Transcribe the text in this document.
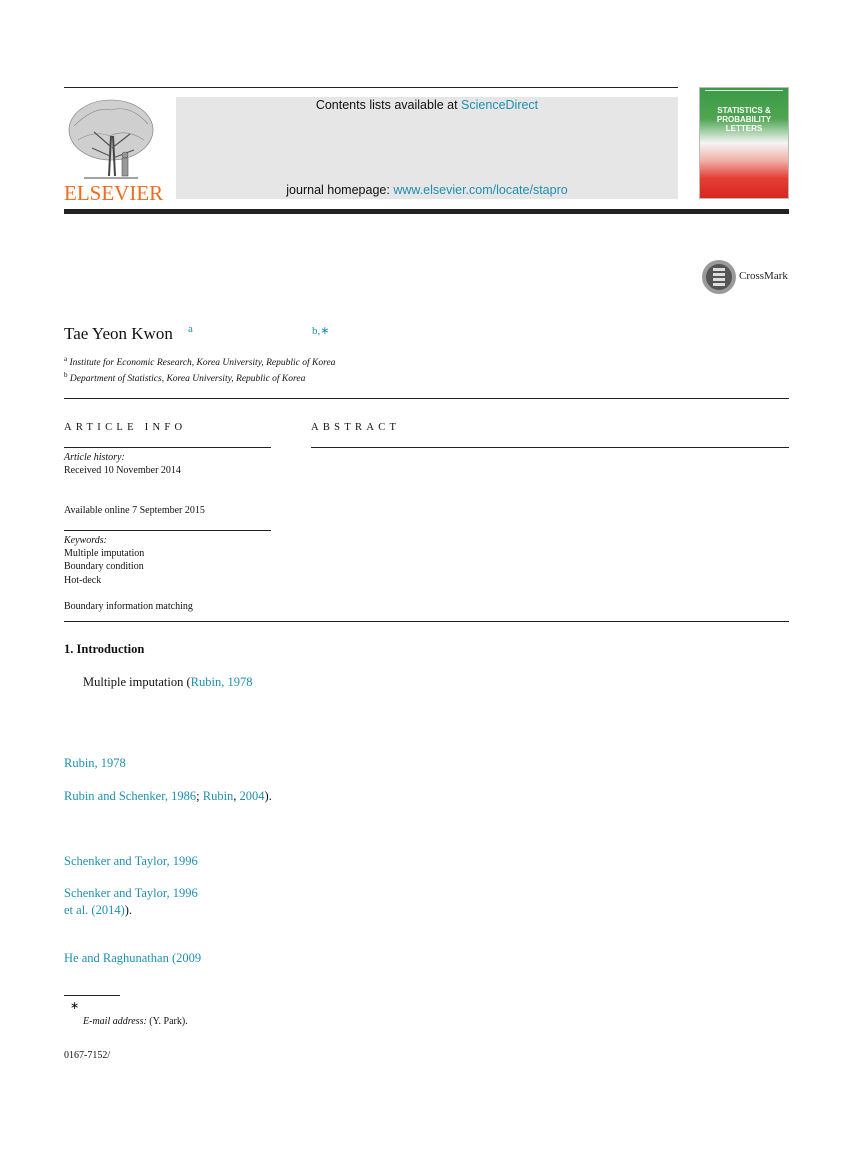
ELSEVIER
Contents lists available at ScienceDirect
journal homepage: www.elsevier.com/locate/stapro
STATISTICS & PROBABILITY LETTERS
CrossMark
Tae Yeon Kwon a	b,∗
$^a$ Institute for Economic Research, Korea University, Republic of Korea
$^b$ Department of Statistics, Korea University, Republic of Korea
ARTICLE INFO
Article history:
Received 10 November 2014
Available online 7 September 2015
Keywords:
Multiple imputation
Boundary condition
Hot-deck
Boundary information matching
ABSTRACT
1. Introduction
Multiple imputation (Rubin, 1978
Rubin, 1978
Rubin and Schenker, 1986; Rubin, 2004).
Schenker and Taylor, 1996
Schenker and Taylor, 1996
et al. (2014)).
He and Raghunathan (2009
∗
E-mail address: (Y. Park).
0167-7152/
